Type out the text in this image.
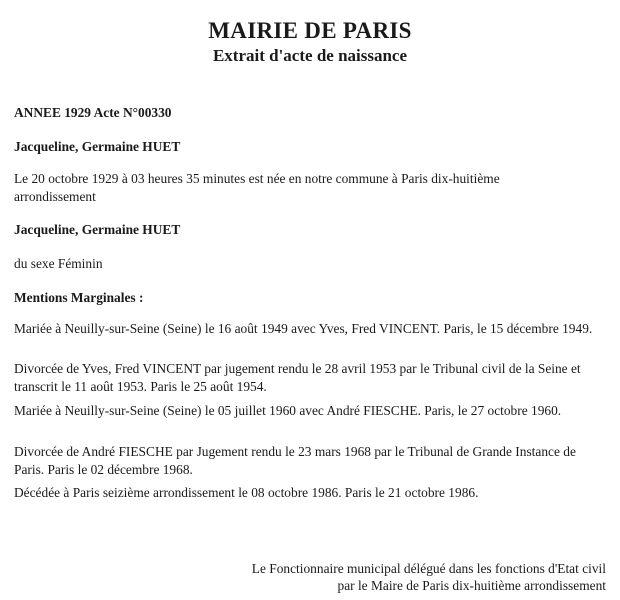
MAIRIE DE PARIS
Extrait d'acte de naissance
ANNEE 1929 Acte N°00330
Jacqueline, Germaine HUET
Le 20 octobre 1929 à 03 heures 35 minutes est née en notre commune à Paris dix-huitième arrondissement
Jacqueline, Germaine HUET
du sexe Féminin
Mentions Marginales :
Mariée à Neuilly-sur-Seine (Seine) le 16 août 1949 avec Yves, Fred VINCENT. Paris, le 15 décembre 1949.
Divorcée de Yves, Fred VINCENT par jugement rendu le 28 avril 1953 par le Tribunal civil de la Seine et transcrit le 11 août 1953. Paris le 25 août 1954.
Mariée à Neuilly-sur-Seine (Seine) le 05 juillet 1960 avec André FIESCHE. Paris, le 27 octobre 1960.
Divorcée de André FIESCHE par Jugement rendu le 23 mars 1968 par le Tribunal de Grande Instance de Paris. Paris le 02 décembre 1968.
Décédée à Paris seizième arrondissement le 08 octobre 1986. Paris le 21 octobre 1986.
Le Fonctionnaire municipal délégué dans les fonctions d'Etat civil
par le Maire de Paris dix-huitième arrondissement
